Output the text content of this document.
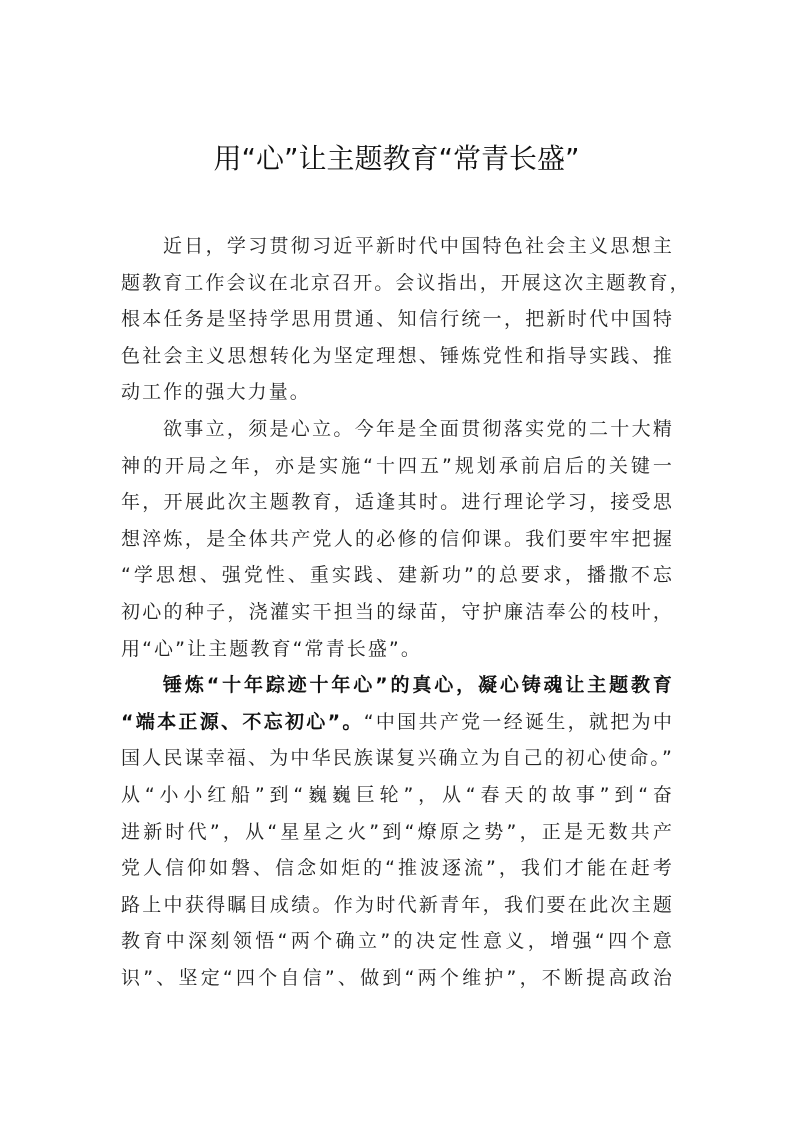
用“心”让主题教育“常青长盛”
近日，学习贯彻习近平新时代中国特色社会主义思想主
题教育工作会议在北京召开。会议指出，开展这次主题教育，
根本任务是坚持学思用贯通、知信行统一，把新时代中国特
色社会主义思想转化为坚定理想、锤炼党性和指导实践、推
动工作的强大力量。
欲事立，须是心立。今年是全面贯彻落实党的二十大精
神的开局之年，亦是实施“十四五”规划承前启后的关键一
年，开展此次主题教育，适逢其时。进行理论学习，接受思
想淬炼，是全体共产党人的必修的信仰课。我们要牢牢把握
“学思想、强党性、重实践、建新功”的总要求，播撒不忘
初心的种子，浇灌实干担当的绿苗，守护廉洁奉公的枝叶，
用“心”让主题教育“常青长盛”。
锤炼“十年踪迹十年心”的真心，凝心铸魂让主题教育
“端本正源、不忘初心”。“中国共产党一经诞生，就把为中
国人民谋幸福、为中华民族谋复兴确立为自己的初心使命。”
从“小小红船”到“巍巍巨轮”，从“春天的故事”到“奋
进新时代”，从“星星之火”到“燎原之势”，正是无数共产
党人信仰如磐、信念如炬的“推波逐流”，我们才能在赶考
路上中获得瞩目成绩。作为时代新青年，我们要在此次主题
教育中深刻领悟“两个确立”的决定性意义，增强“四个意
识”、坚定“四个自信”、做到“两个维护”，不断提高政治
